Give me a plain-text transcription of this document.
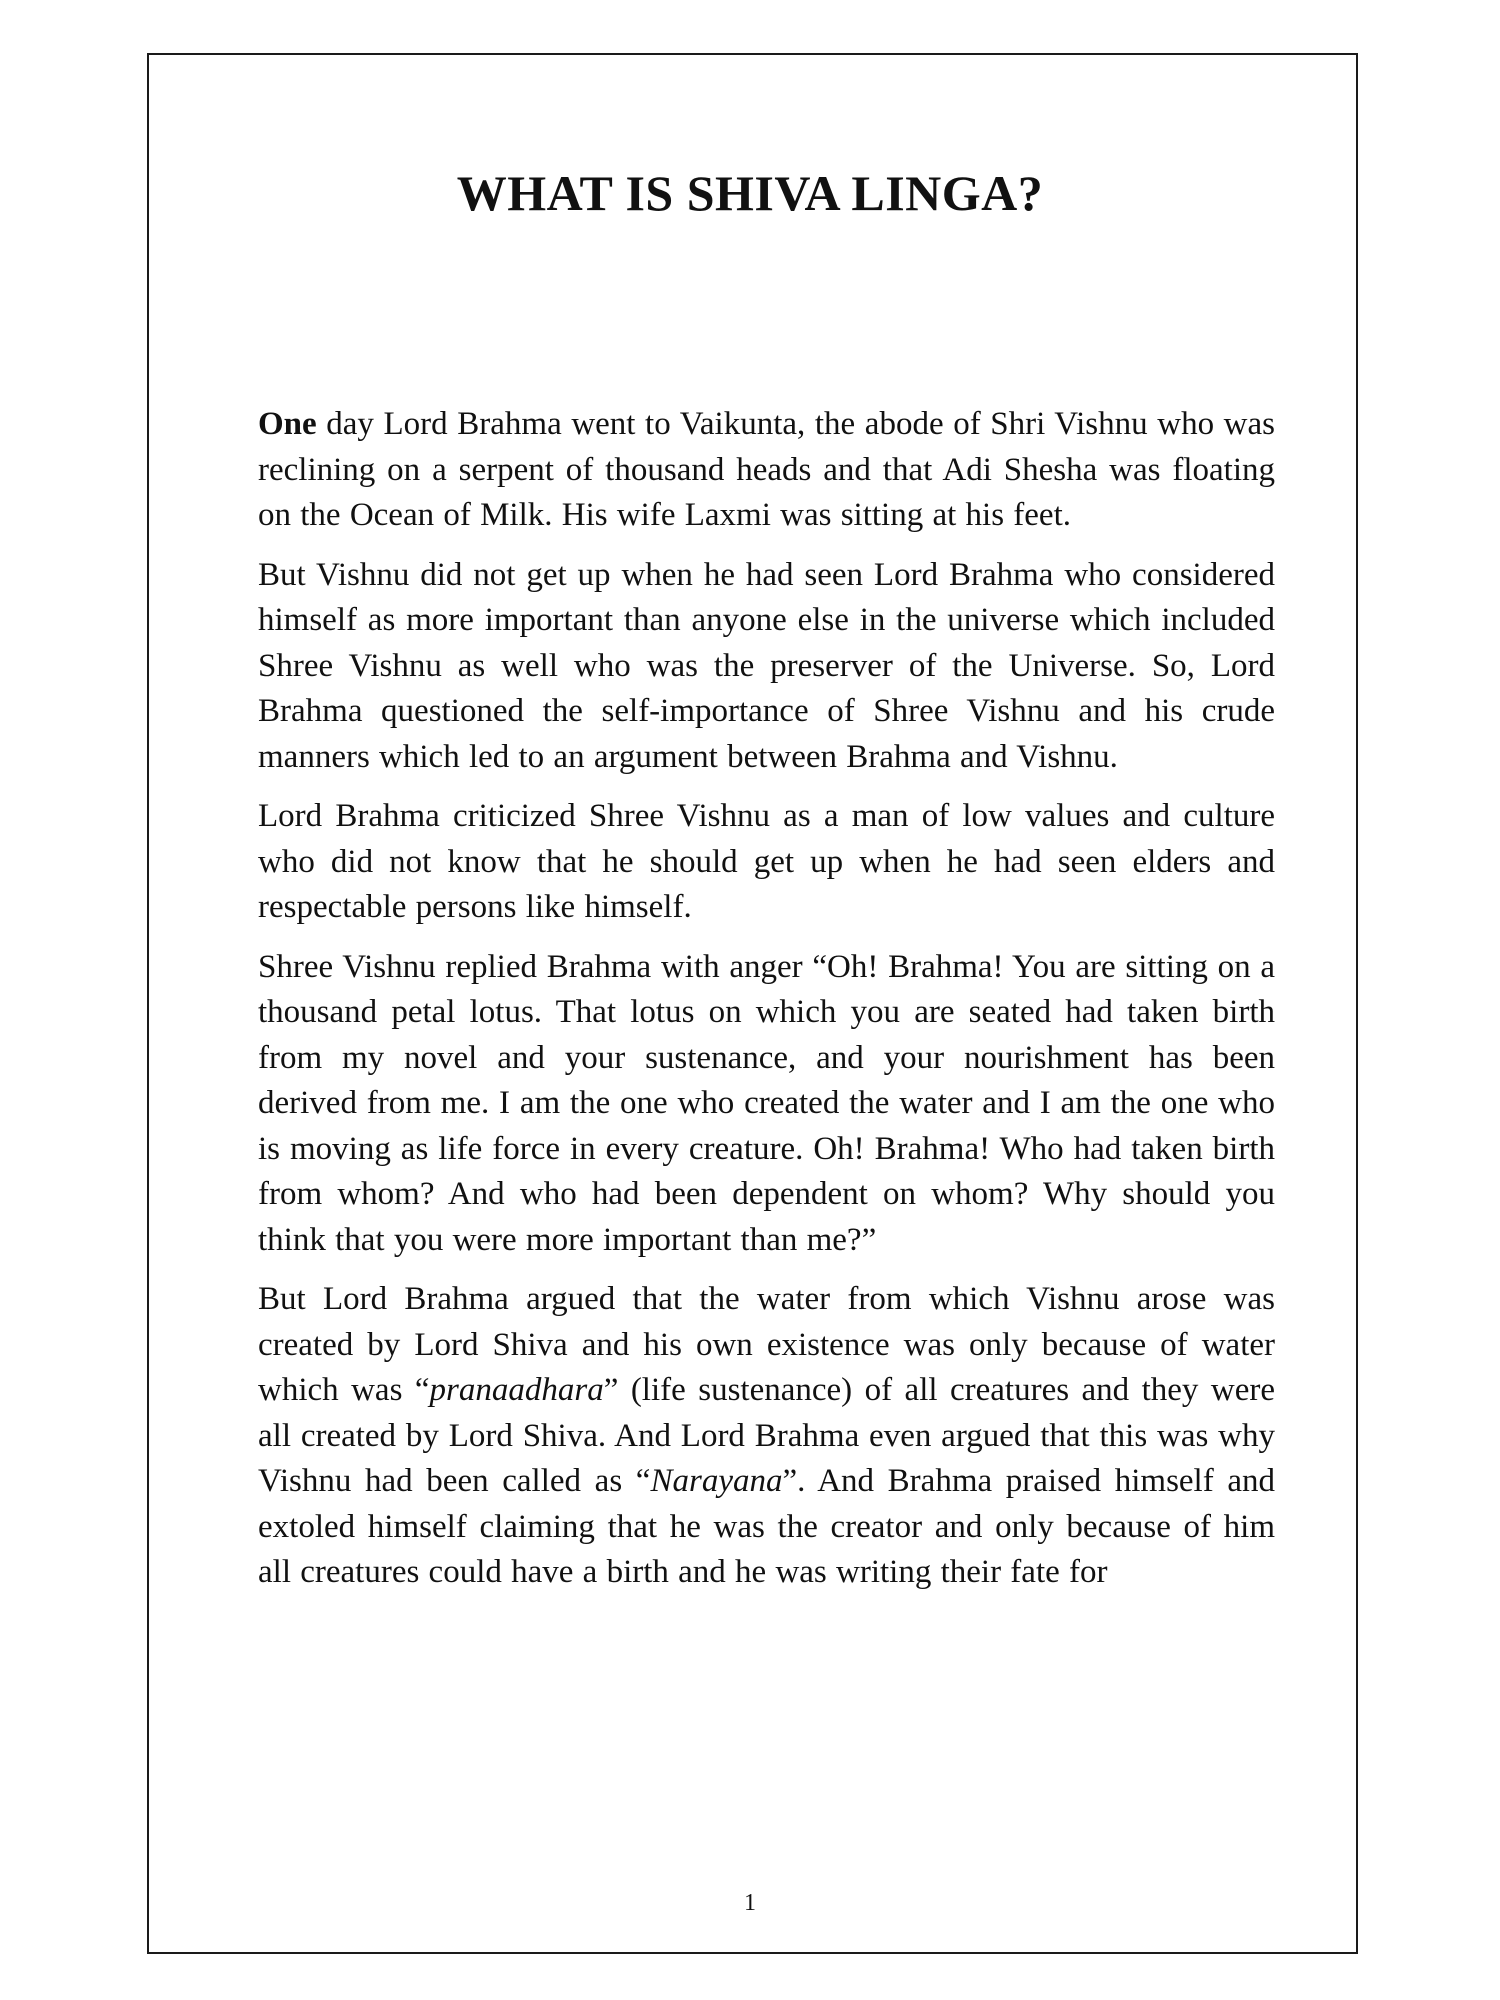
WHAT IS SHIVA LINGA?

One day Lord Brahma went to Vaikunta, the abode of Shri Vishnu who was reclining on a serpent of thousand heads and that Adi Shesha was floating on the Ocean of Milk. His wife Laxmi was sitting at his feet.

But Vishnu did not get up when he had seen Lord Brahma who considered himself as more important than anyone else in the universe which included Shree Vishnu as well who was the preserver of the Universe. So, Lord Brahma questioned the self-importance of Shree Vishnu and his crude manners which led to an argument between Brahma and Vishnu.

Lord Brahma criticized Shree Vishnu as a man of low values and culture who did not know that he should get up when he had seen elders and respectable persons like himself.

Shree Vishnu replied Brahma with anger “Oh! Brahma! You are sitting on a thousand petal lotus. That lotus on which you are seated had taken birth from my novel and your sustenance, and your nourishment has been derived from me. I am the one who created the water and I am the one who is moving as life force in every creature. Oh! Brahma! Who had taken birth from whom? And who had been dependent on whom? Why should you think that you were more important than me?”

But Lord Brahma argued that the water from which Vishnu arose was created by Lord Shiva and his own existence was only because of water which was “pranaadhara” (life sustenance) of all creatures and they were all created by Lord Shiva. And Lord Brahma even argued that this was why Vishnu had been called as “Narayana”. And Brahma praised himself and extoled himself claiming that he was the creator and only because of him all creatures could have a birth and he was writing their fate for

1
